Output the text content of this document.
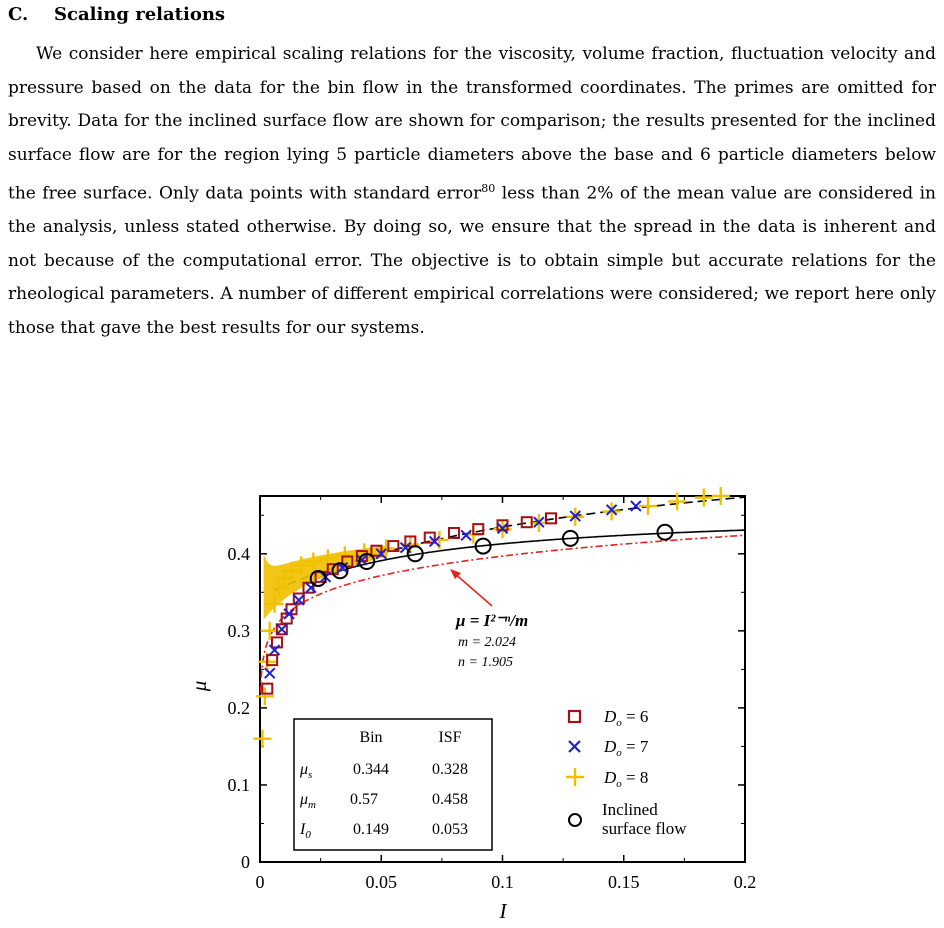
C. Scaling relations

We consider here empirical scaling relations for the viscosity, volume fraction, fluctuation velocity and pressure based on the data for the bin flow in the transformed coordinates. The primes are omitted for brevity. Data for the inclined surface flow are shown for comparison; the results presented for the inclined surface flow are for the region lying 5 particle diameters above the base and 6 particle diameters below the free surface. Only data points with standard error$^{80}$ less than 2% of the mean value are considered in the analysis, unless stated otherwise. By doing so, we ensure that the spread in the data is inherent and not because of the computational error. The objective is to obtain simple but accurate relations for the rheological parameters. A number of different empirical correlations were considered; we report here only those that gave the best results for our systems.

0	0.05	0.1	0.15	0.2
0
0.1
0.2
0.3
0.4
I
μ
μ = I²⁻ⁿ/m
m = 2.024
n = 1.905
Bin	ISF
$\mu_s$	0.344	0.328
$\mu_m$ 0.57	0.458
$I_0$	0.149	0.053
$D_o = 6$
$D_o = 7$
$D_o = 8$
Inclined
surface flow
